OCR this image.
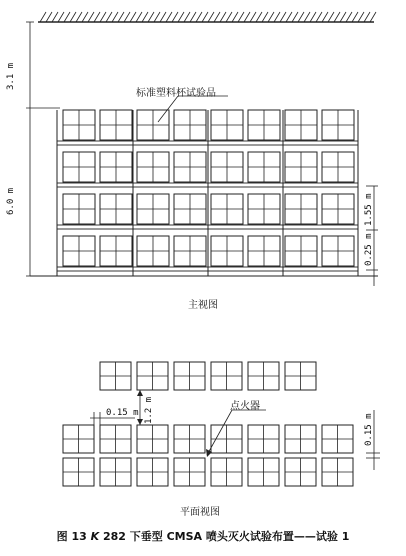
3.1 m
6.0 m	1.55 m
0.25 m
标准塑料杯试验品
主视图
0.15 m 1.2 m	点火器
0.15 m
平面视图
图 13 K 282 下垂型 CMSA 喷头灭火试验布置——试验 1
